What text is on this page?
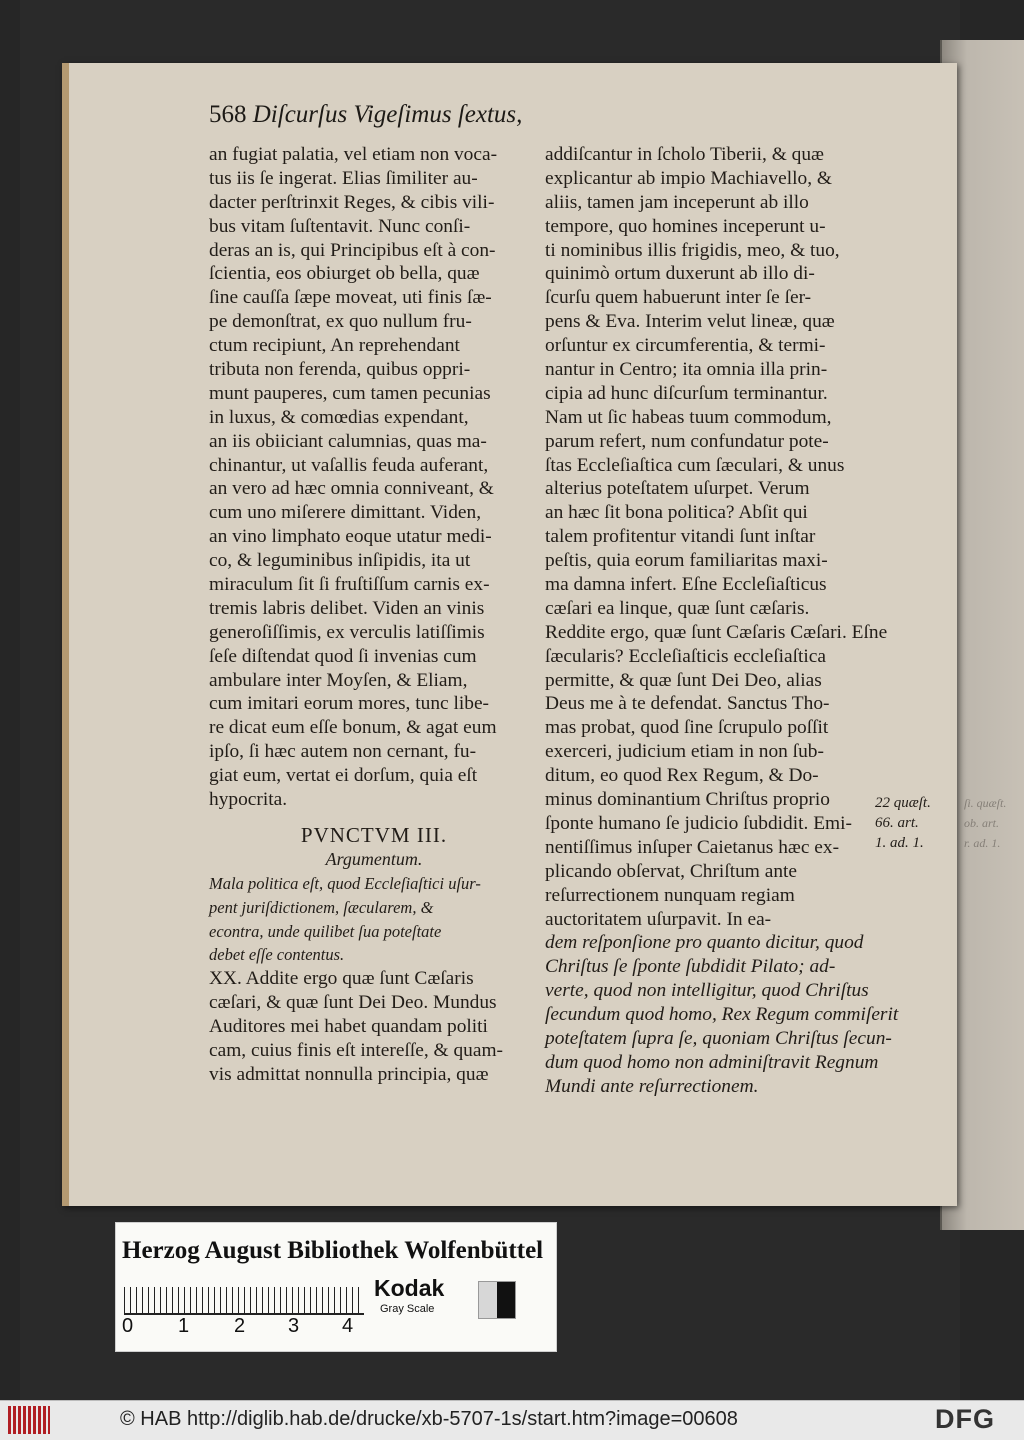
ſi. quæſt.
ob. art.
r. ad. 1.
568 Diſcurſus Vigeſimus ſextus,
an fugiat palatia, vel etiam non voca-
tus iis ſe ingerat. Elias ſimiliter au-
dacter perſtrinxit Reges, & cibis vili-
bus vitam ſuſtentavit. Nunc conſi-
deras an is, qui Principibus eſt à con-
ſcientia, eos obiurget ob bella, quæ
ſine cauſſa ſæpe moveat, uti finis ſæ-
pe demonſtrat, ex quo nullum fru-
ctum recipiunt, An reprehendant
tributa non ferenda, quibus oppri-
munt pauperes, cum tamen pecunias
in luxus, & comœdias expendant,
an iis obiiciant calumnias, quas ma-
chinantur, ut vaſallis feuda auferant,
an vero ad hæc omnia conniveant, &
cum uno miſerere dimittant. Viden,
an vino limphato eoque utatur medi-
co, & leguminibus inſipidis, ita ut
miraculum ſit ſi fruſtiſſum carnis ex-
tremis labris delibet. Viden an vinis
generoſiſſimis, ex verculis latiſſimis
ſeſe diſtendat quod ſi invenias cum
ambulare inter Moyſen, & Eliam,
cum imitari eorum mores, tunc libe-
re dicat eum eſſe bonum, & agat eum
ipſo, ſi hæc autem non cernant, fu-
giat eum, vertat ei dorſum, quia eſt
hypocrita.
PVNCTVM III.
Argumentum.
Mala politica eſt, quod Eccleſiaſtici uſur-
pent juriſdictionem, ſæcularem, &
econtra, unde quilibet ſua poteſtate
debet eſſe contentus.
XX. Addite ergo quæ ſunt Cæſaris
cæſari, & quæ ſunt Dei Deo. Mundus
Auditores mei habet quandam politi
cam, cuius finis eſt intereſſe, & quam-
vis admittat nonnulla principia, quæ
addiſcantur in ſcholo Tiberii, & quæ
explicantur ab impio Machiavello, &
aliis, tamen jam inceperunt ab illo
tempore, quo homines inceperunt u-
ti nominibus illis frigidis, meo, & tuo,
quinimò ortum duxerunt ab illo di-
ſcurſu quem habuerunt inter ſe ſer-
pens & Eva. Interim velut lineæ, quæ
orſuntur ex circumferentia, & termi-
nantur in Centro; ita omnia illa prin-
cipia ad hunc diſcurſum terminantur.
Nam ut ſic habeas tuum commodum,
parum refert, num confundatur pote-
ſtas Eccleſiaſtica cum ſæculari, & unus
alterius poteſtatem uſurpet. Verum
an hæc ſit bona politica? Abſit qui
talem profitentur vitandi ſunt inſtar
peſtis, quia eorum familiaritas maxi-
ma damna infert. Eſne Eccleſiaſticus
cæſari ea linque, quæ ſunt cæſaris.
Reddite ergo, quæ ſunt Cæſaris Cæſari. Eſne
ſæcularis? Eccleſiaſticis eccleſiaſtica
permitte, & quæ ſunt Dei Deo, alias
Deus me à te defendat. Sanctus Tho-
mas probat, quod ſine ſcrupulo poſſit
exerceri, judicium etiam in non ſub-
ditum, eo quod Rex Regum, & Do-
minus dominantium Chriſtus proprio
ſponte humano ſe judicio ſubdidit. Emi-
nentiſſimus inſuper Caietanus hæc ex-
plicando obſervat, Chriſtum ante
reſurrectionem nunquam regiam
auctoritatem uſurpavit. In ea-
dem reſponſione pro quanto dicitur, quod
Chriſtus ſe ſponte ſubdidit Pilato; ad-
verte, quod non intelligitur, quod Chriſtus
ſecundum quod homo, Rex Regum commiſerit
poteſtatem ſupra ſe, quoniam Chriſtus ſecun-
dum quod homo non adminiſtravit Regnum
Mundi ante reſurrectionem.
22 quæſt.
66. art.
1. ad. 1.
Herzog August Bibliothek Wolfenbüttel
0 1 2 3 4
Kodak
Gray Scale
© HAB http://diglib.hab.de/drucke/xb-5707-1s/start.htm?image=00608	DFG
